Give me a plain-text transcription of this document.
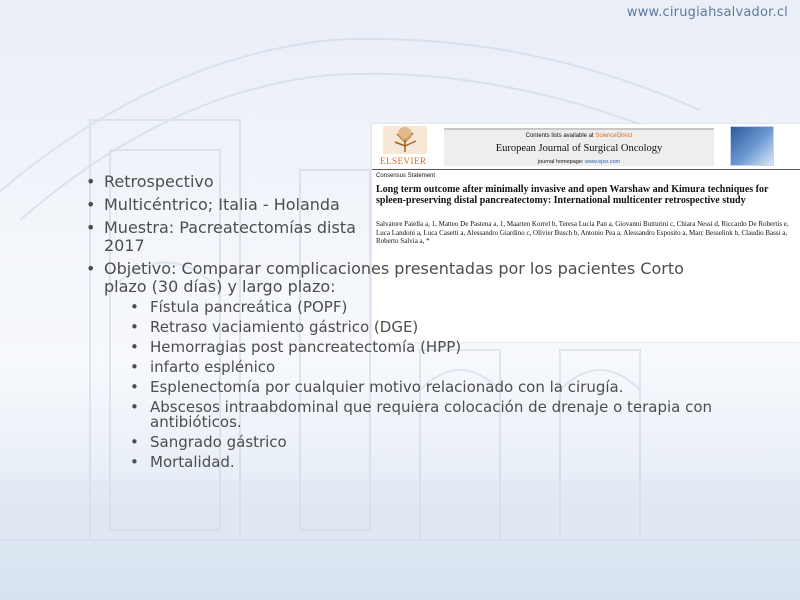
www.cirugiahsalvador.cl
ELSEVIER
Contents lists available at ScienceDirect
European Journal of Surgical Oncology
journal homepage: www.ejso.com
Consensus Statement
Long term outcome after minimally invasive and open Warshaw and Kimura techniques for spleen-preserving distal pancreatectomy: International multicenter retrospective study
Salvatore Paiella a, 1, Matteo De Pastena a, 1, Maarten Korrel b, Teresa Lucia Pan a, Giovanni Butturini c, Chiara Nessi d, Riccardo De Robertis e, Luca Landoni a, Luca Casetti a, Alessandro Giardino c, Olivier Busch b, Antonio Pea a, Alessandro Esposito a, Marc Besselink b, Claudio Bassi a, Roberto Salvia a, *
• Retrospectivo
• Multicéntrico; Italia - Holanda
• Muestra: Pacreatectomías dista 2017
• Objetivo: Comparar complicaciones presentadas por los pacientes Corto plazo (30 días) y largo plazo:
• Fístula pancreática (POPF)
• Retraso vaciamiento gástrico (DGE)
• Hemorragias post pancreatectomía (HPP)
• infarto esplénico
• Esplenectomía por cualquier motivo relacionado con la cirugía.
• Abscesos intraabdominal que requiera colocación de drenaje o terapia con antibióticos.
• Sangrado gástrico
• Mortalidad.
